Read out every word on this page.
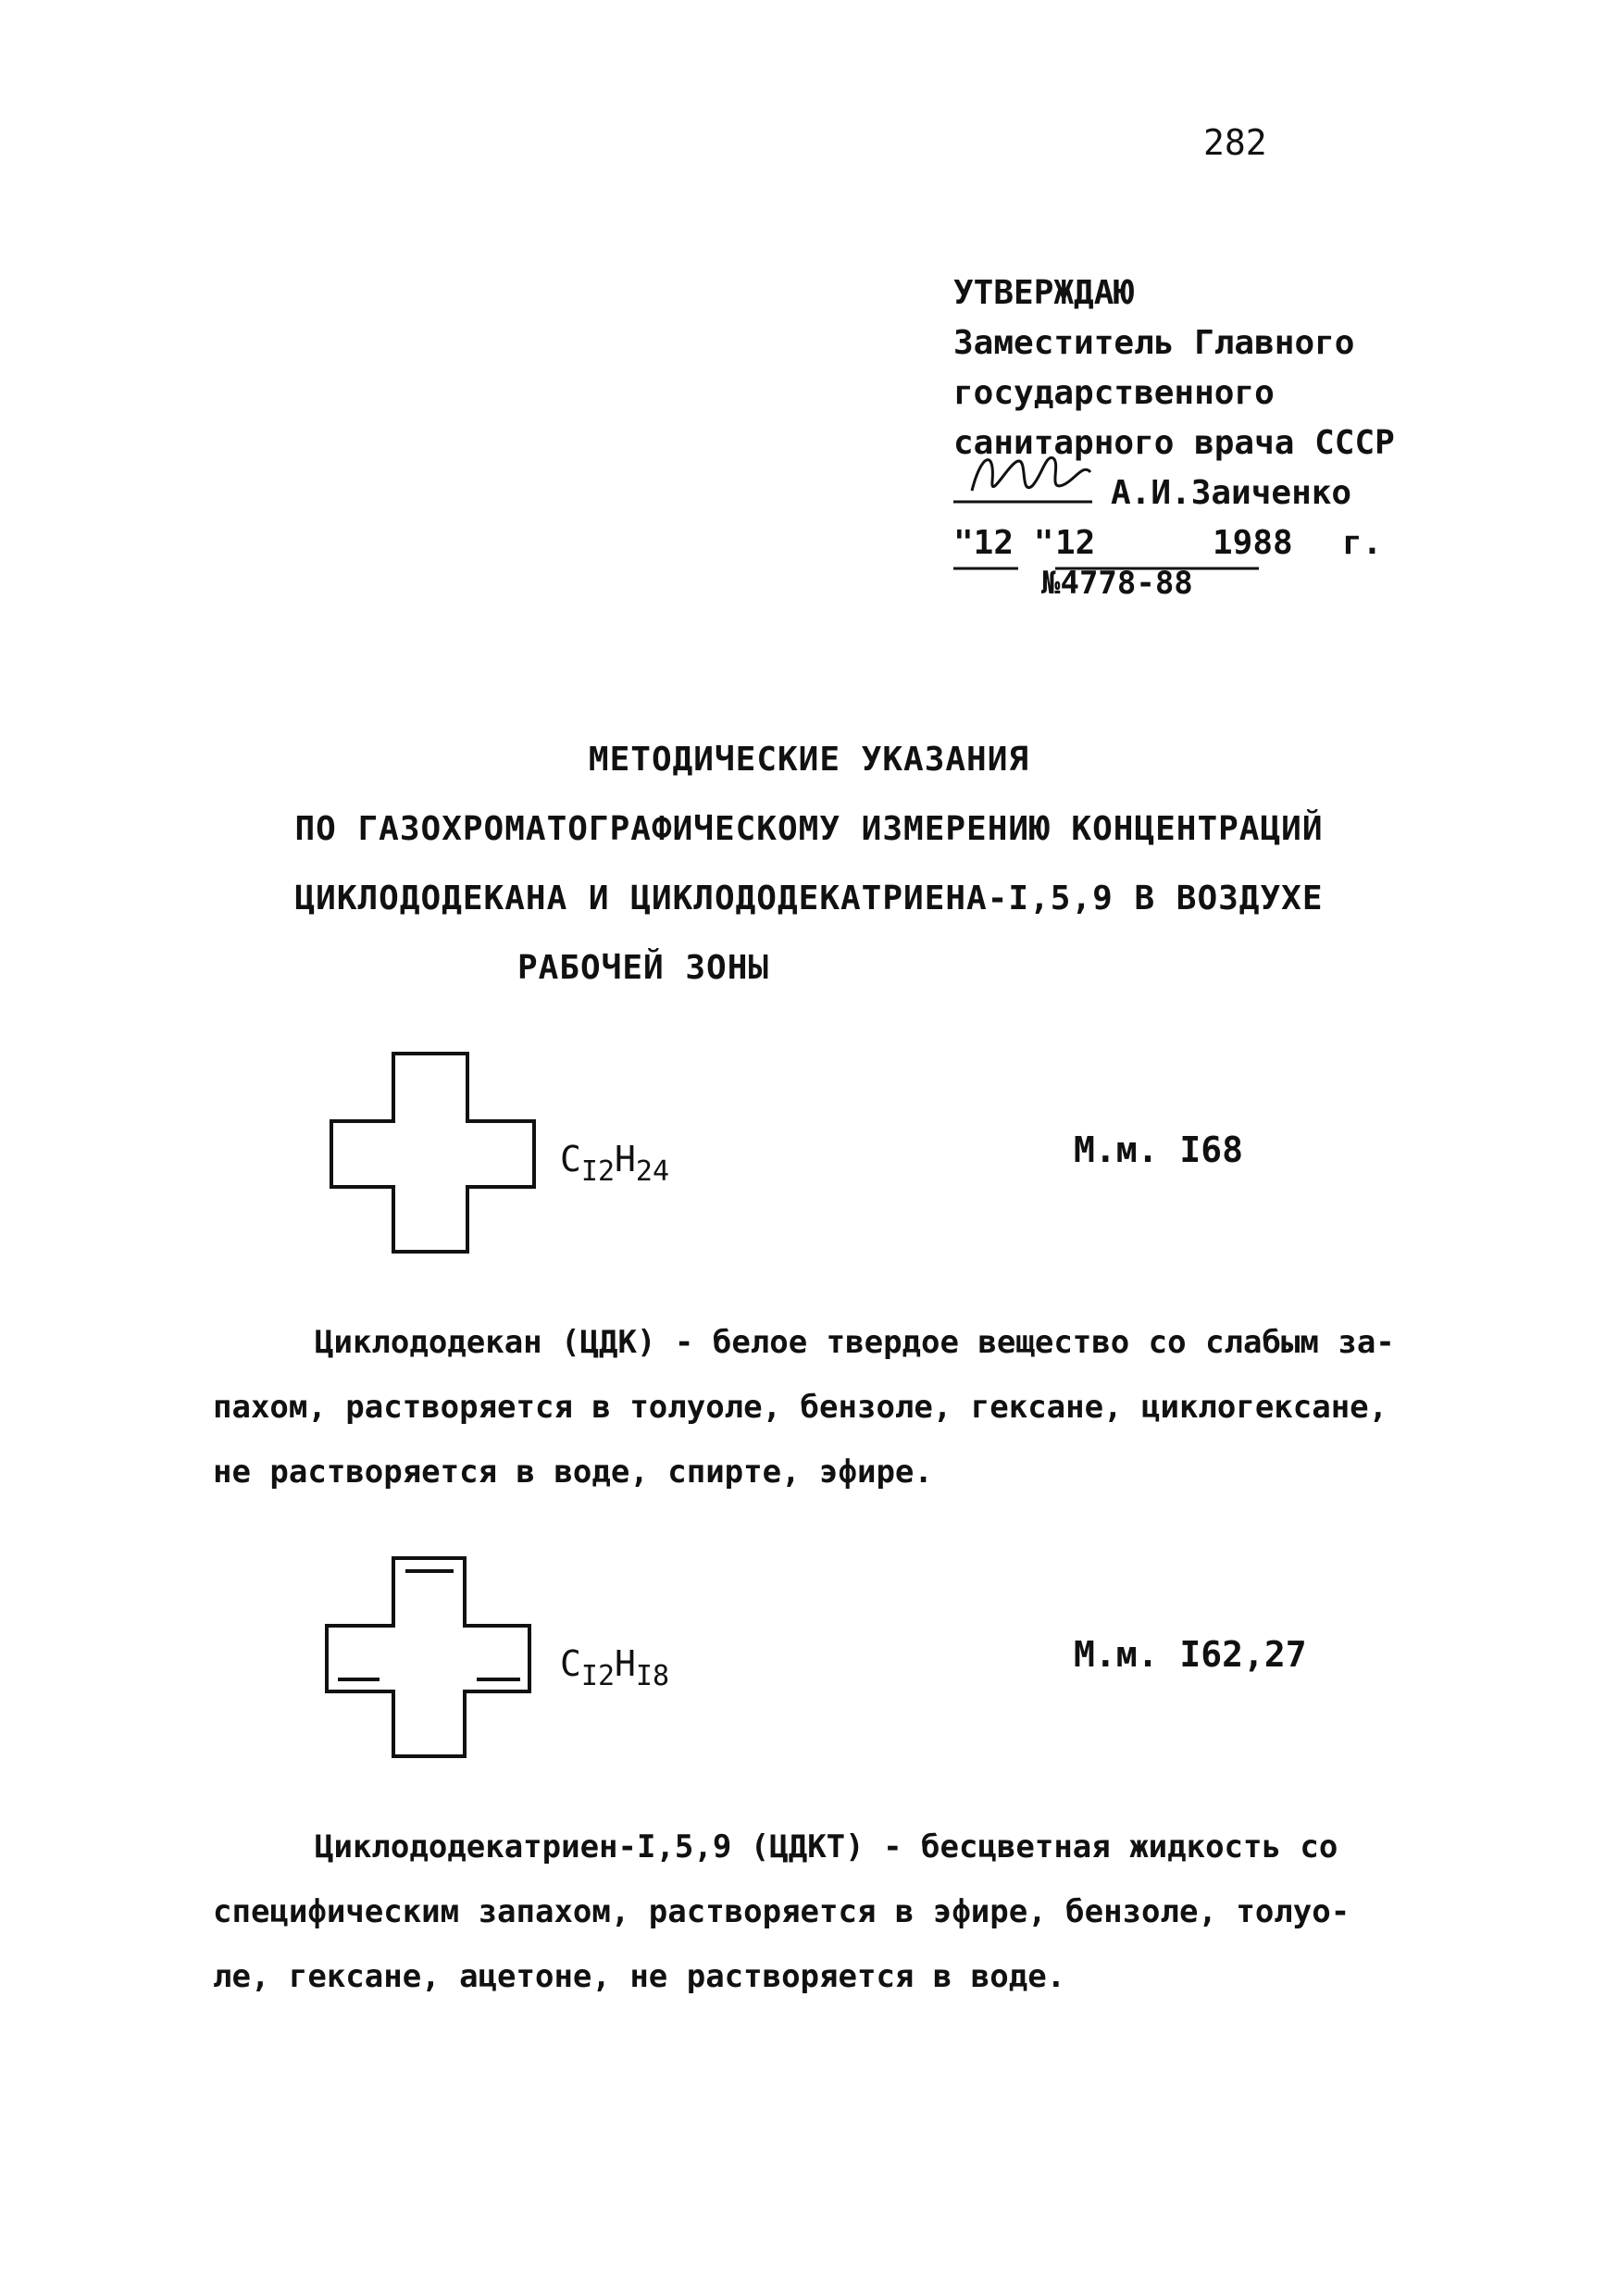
282
УТВЕРЖДАЮ
Заместитель Главного
государственного
санитарного врача СССР
А.И.Заиченко
"12 " 12	1988 г.
№4778-88
МЕТОДИЧЕСКИЕ УКАЗАНИЯ
ПО ГАЗОХРОМАТОГРАФИЧЕСКОМУ ИЗМЕРЕНИЮ КОНЦЕНТРАЦИЙ
ЦИКЛОДОДЕКАНА И ЦИКЛОДОДЕКАТРИЕНА-I,5,9 В ВОЗДУХЕ
РАБОЧЕЙ ЗОНЫ
$C_{I2}H_{24}$
М.м. I68
Циклододекан (ЦДК) - белое твердое вещество со слабым за-
пахом, растворяется в толуоле, бензоле, гексане, циклогексане,
не растворяется в воде, спирте, эфире.
$C_{I2}H_{I8}$
М.м. I62,27
Циклододекатриен-I,5,9 (ЦДКТ) - бесцветная жидкость со
специфическим запахом, растворяется в эфире, бензоле, толуо-
ле, гексане, ацетоне, не растворяется в воде.
